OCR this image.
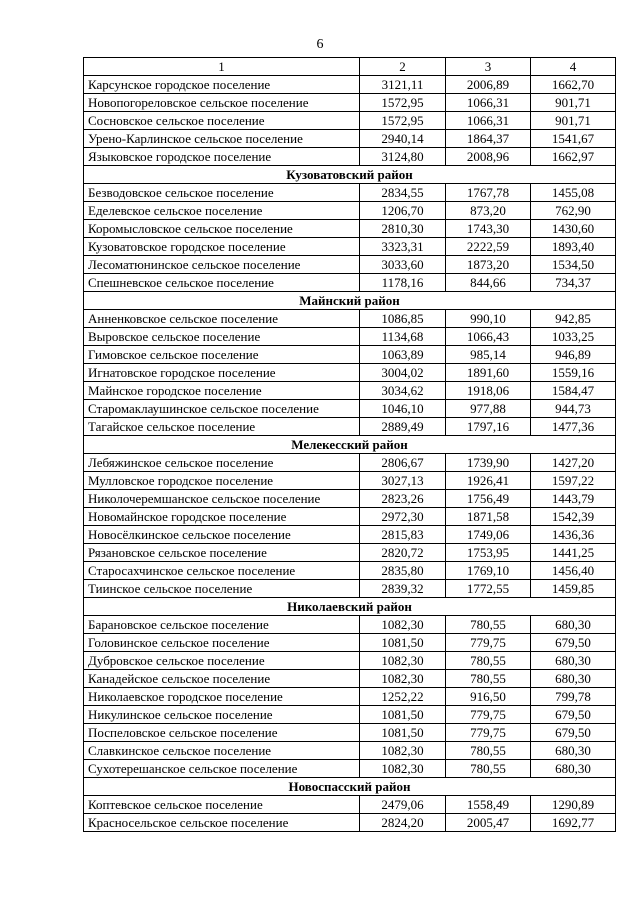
6
1	2	3	4
Карсунское городское поселение	3121,11	2006,89	1662,70
Новопогореловское сельское поселение	1572,95	1066,31	901,71
Сосновское сельское поселение	1572,95	1066,31	901,71
Урено-Карлинское сельское поселение	2940,14	1864,37	1541,67
Языковское городское поселение	3124,80	2008,96	1662,97
Кузоватовский район			
Безводовское сельское поселение	2834,55	1767,78	1455,08
Еделевское сельское поселение	1206,70	873,20	762,90
Коромысловское сельское поселение	2810,30	1743,30	1430,60
Кузоватовское городское поселение	3323,31	2222,59	1893,40
Лесоматюнинское сельское поселение	3033,60	1873,20	1534,50
Спешневское сельское поселение	1178,16	844,66	734,37
Майнский район			
Анненковское сельское поселение	1086,85	990,10	942,85
Выровское сельское поселение	1134,68	1066,43	1033,25
Гимовское сельское поселение	1063,89	985,14	946,89
Игнатовское городское поселение	3004,02	1891,60	1559,16
Майнское городское поселение	3034,62	1918,06	1584,47
Старомаклаушинское сельское поселение	1046,10	977,88	944,73
Тагайское сельское поселение	2889,49	1797,16	1477,36
Мелекесский район			
Лебяжинское сельское поселение	2806,67	1739,90	1427,20
Мулловское городское поселение	3027,13	1926,41	1597,22
Николочеремшанское сельское поселение	2823,26	1756,49	1443,79
Новомайнское городское поселение	2972,30	1871,58	1542,39
Новосёлкинское сельское поселение	2815,83	1749,06	1436,36
Рязановское сельское поселение	2820,72	1753,95	1441,25
Старосахчинское сельское поселение	2835,80	1769,10	1456,40
Тиинское сельское поселение	2839,32	1772,55	1459,85
Николаевский район			
Барановское сельское поселение	1082,30	780,55	680,30
Головинское сельское поселение	1081,50	779,75	679,50
Дубровское сельское поселение	1082,30	780,55	680,30
Канадейское сельское поселение	1082,30	780,55	680,30
Николаевское городское поселение	1252,22	916,50	799,78
Никулинское сельское поселение	1081,50	779,75	679,50
Поспеловское сельское поселение	1081,50	779,75	679,50
Славкинское сельское поселение	1082,30	780,55	680,30
Сухотерешанское сельское поселение	1082,30	780,55	680,30
Новоспасский район			
Коптевское сельское поселение	2479,06	1558,49	1290,89
Красносельское сельское поселение	2824,20	2005,47	1692,77
